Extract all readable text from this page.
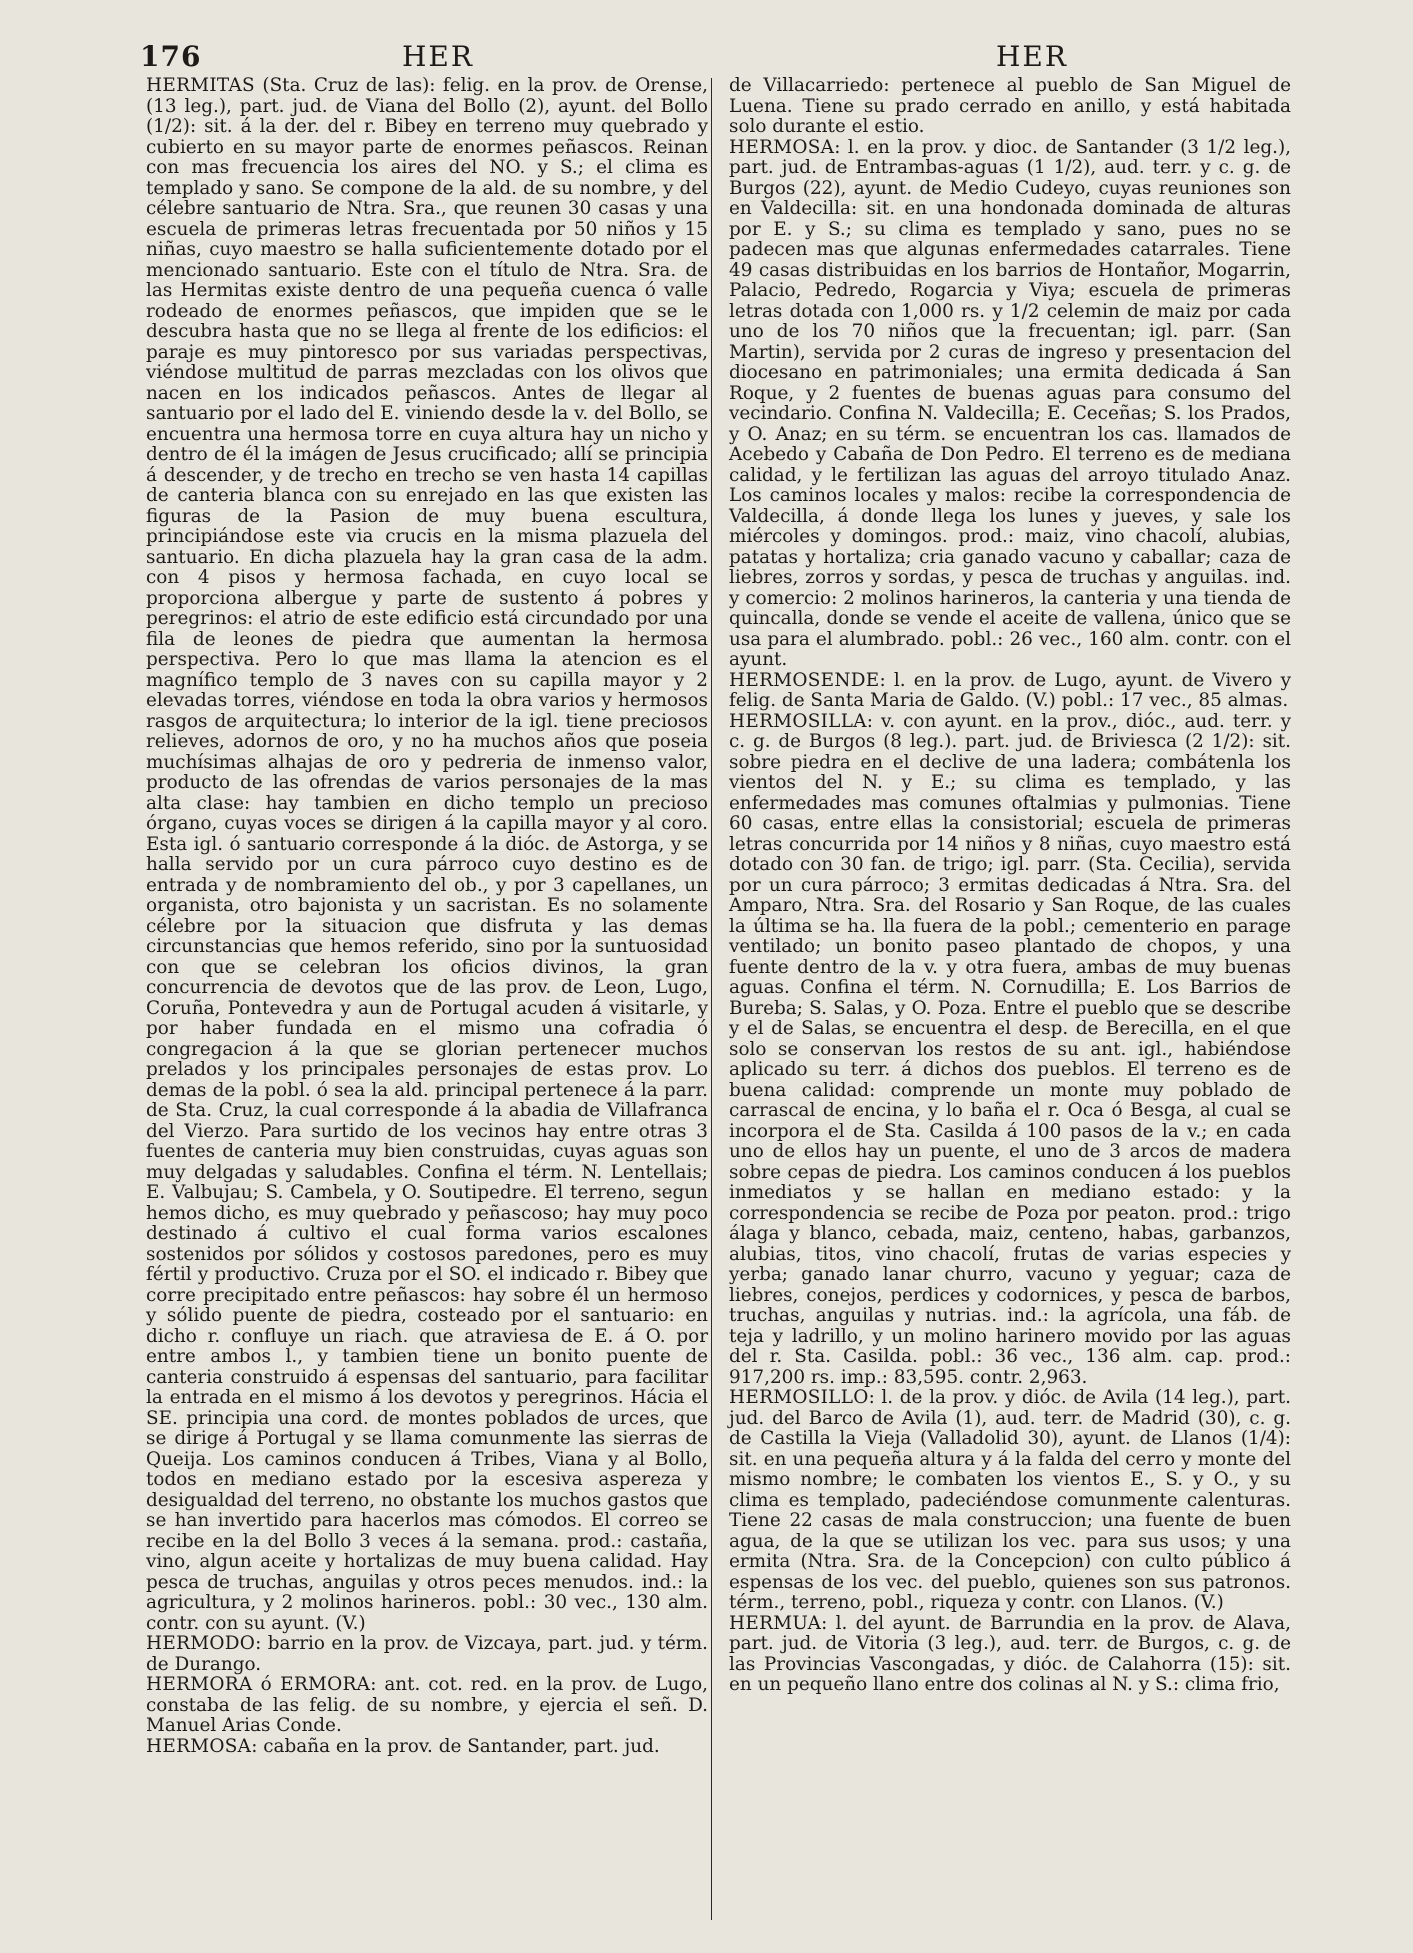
176	HER	HER

HERMITAS (Sta. Cruz de las): felig. en la prov. de Orense, (13 leg.), part. jud. de Viana del Bollo (2), ayunt. del Bollo (1/2): sit. á la der. del r. Bibey en terreno muy quebrado y cubierto en su mayor parte de enormes peñascos. Reinan con mas frecuencia los aires del NO. y S.; el clima es templado y sano. Se compone de la ald. de su nombre, y del célebre santuario de Ntra. Sra., que reunen 30 casas y una escuela de primeras letras frecuentada por 50 niños y 15 niñas, cuyo maestro se halla suficientemente dotado por el mencionado santuario. Este con el título de Ntra. Sra. de las Hermitas existe dentro de una pequeña cuenca ó valle rodeado de enormes peñascos, que impiden que se le descubra hasta que no se llega al frente de los edificios: el paraje es muy pintoresco por sus variadas perspectivas, viéndose multitud de parras mezcladas con los olivos que nacen en los indicados peñascos. Antes de llegar al santuario por el lado del E. viniendo desde la v. del Bollo, se encuentra una hermosa torre en cuya altura hay un nicho y dentro de él la imágen de Jesus crucificado; allí se principia á descender, y de trecho en trecho se ven hasta 14 capillas de canteria blanca con su enrejado en las que existen las figuras de la Pasion de muy buena escultura, principiándose este via crucis en la misma plazuela del santuario. En dicha plazuela hay la gran casa de la adm. con 4 pisos y hermosa fachada, en cuyo local se proporciona albergue y parte de sustento á pobres y peregrinos: el atrio de este edificio está circundado por una fila de leones de piedra que aumentan la hermosa perspectiva. Pero lo que mas llama la atencion es el magnífico templo de 3 naves con su capilla mayor y 2 elevadas torres, viéndose en toda la obra varios y hermosos rasgos de arquitectura; lo interior de la igl. tiene preciosos relieves, adornos de oro, y no ha muchos años que poseia muchísimas alhajas de oro y pedreria de inmenso valor, producto de las ofrendas de varios personajes de la mas alta clase: hay tambien en dicho templo un precioso órgano, cuyas voces se dirigen á la capilla mayor y al coro. Esta igl. ó santuario corresponde á la dióc. de Astorga, y se halla servido por un cura párroco cuyo destino es de entrada y de nombramiento del ob., y por 3 capellanes, un organista, otro bajonista y un sacristan. Es no solamente célebre por la situacion que disfruta y las demas circunstancias que hemos referido, sino por la suntuosidad con que se celebran los oficios divinos, la gran concurrencia de devotos que de las prov. de Leon, Lugo, Coruña, Pontevedra y aun de Portugal acuden á visitarle, y por haber fundada en el mismo una cofradia ó congregacion á la que se glorian pertenecer muchos prelados y los principales personajes de estas prov. Lo demas de la pobl. ó sea la ald. principal pertenece á la parr. de Sta. Cruz, la cual corresponde á la abadia de Villafranca del Vierzo. Para surtido de los vecinos hay entre otras 3 fuentes de canteria muy bien construidas, cuyas aguas son muy delgadas y saludables. Confina el térm. N. Lentellais; E. Valbujau; S. Cambela, y O. Soutipedre. El terreno, segun hemos dicho, es muy quebrado y peñascoso; hay muy poco destinado á cultivo el cual forma varios escalones sostenidos por sólidos y costosos paredones, pero es muy fértil y productivo. Cruza por el SO. el indicado r. Bibey que corre precipitado entre peñascos: hay sobre él un hermoso y sólido puente de piedra, costeado por el santuario: en dicho r. confluye un riach. que atraviesa de E. á O. por entre ambos l., y tambien tiene un bonito puente de canteria construido á espensas del santuario, para facilitar la entrada en el mismo á los devotos y peregrinos. Hácia el SE. principia una cord. de montes poblados de urces, que se dirige á Portugal y se llama comunmente las sierras de Queija. Los caminos conducen á Tribes, Viana y al Bollo, todos en mediano estado por la escesiva aspereza y desigualdad del terreno, no obstante los muchos gastos que se han invertido para hacerlos mas cómodos. El correo se recibe en la del Bollo 3 veces á la semana. prod.: castaña, vino, algun aceite y hortalizas de muy buena calidad. Hay pesca de truchas, anguilas y otros peces menudos. ind.: la agricultura, y 2 molinos harineros. pobl.: 30 vec., 130 alm. contr. con su ayunt. (V.)

HERMODO: barrio en la prov. de Vizcaya, part. jud. y térm. de Durango.

HERMORA ó ERMORA: ant. cot. red. en la prov. de Lugo, constaba de las felig. de su nombre, y ejercia el señ. D. Manuel Arias Conde.

HERMOSA: cabaña en la prov. de Santander, part. jud.

de Villacarriedo: pertenece al pueblo de San Miguel de Luena. Tiene su prado cerrado en anillo, y está habitada solo durante el estio.

HERMOSA: l. en la prov. y dioc. de Santander (3 1/2 leg.), part. jud. de Entrambas-aguas (1 1/2), aud. terr. y c. g. de Burgos (22), ayunt. de Medio Cudeyo, cuyas reuniones son en Valdecilla: sit. en una hondonada dominada de alturas por E. y S.; su clima es templado y sano, pues no se padecen mas que algunas enfermedades catarrales. Tiene 49 casas distribuidas en los barrios de Hontañor, Mogarrin, Palacio, Pedredo, Rogarcia y Viya; escuela de primeras letras dotada con 1,000 rs. y 1/2 celemin de maiz por cada uno de los 70 niños que la frecuentan; igl. parr. (San Martin), servida por 2 curas de ingreso y presentacion del diocesano en patrimoniales; una ermita dedicada á San Roque, y 2 fuentes de buenas aguas para consumo del vecindario. Confina N. Valdecilla; E. Ceceñas; S. los Prados, y O. Anaz; en su térm. se encuentran los cas. llamados de Acebedo y Cabaña de Don Pedro. El terreno es de mediana calidad, y le fertilizan las aguas del arroyo titulado Anaz. Los caminos locales y malos: recibe la correspondencia de Valdecilla, á donde llega los lunes y jueves, y sale los miércoles y domingos. prod.: maiz, vino chacolí, alubias, patatas y hortaliza; cria ganado vacuno y caballar; caza de liebres, zorros y sordas, y pesca de truchas y anguilas. ind. y comercio: 2 molinos harineros, la canteria y una tienda de quincalla, donde se vende el aceite de vallena, único que se usa para el alumbrado. pobl.: 26 vec., 160 alm. contr. con el ayunt.

HERMOSENDE: l. en la prov. de Lugo, ayunt. de Vivero y felig. de Santa Maria de Galdo. (V.) pobl.: 17 vec., 85 almas.

HERMOSILLA: v. con ayunt. en la prov., dióc., aud. terr. y c. g. de Burgos (8 leg.). part. jud. de Briviesca (2 1/2): sit. sobre piedra en el declive de una ladera; combátenla los vientos del N. y E.; su clima es templado, y las enfermedades mas comunes oftalmias y pulmonias. Tiene 60 casas, entre ellas la consistorial; escuela de primeras letras concurrida por 14 niños y 8 niñas, cuyo maestro está dotado con 30 fan. de trigo; igl. parr. (Sta. Cecilia), servida por un cura párroco; 3 ermitas dedicadas á Ntra. Sra. del Amparo, Ntra. Sra. del Rosario y San Roque, de las cuales la última se ha. lla fuera de la pobl.; cementerio en parage ventilado; un bonito paseo plantado de chopos, y una fuente dentro de la v. y otra fuera, ambas de muy buenas aguas. Confina el térm. N. Cornudilla; E. Los Barrios de Bureba; S. Salas, y O. Poza. Entre el pueblo que se describe y el de Salas, se encuentra el desp. de Berecilla, en el que solo se conservan los restos de su ant. igl., habiéndose aplicado su terr. á dichos dos pueblos. El terreno es de buena calidad: comprende un monte muy poblado de carrascal de encina, y lo baña el r. Oca ó Besga, al cual se incorpora el de Sta. Casilda á 100 pasos de la v.; en cada uno de ellos hay un puente, el uno de 3 arcos de madera sobre cepas de piedra. Los caminos conducen á los pueblos inmediatos y se hallan en mediano estado: y la correspondencia se recibe de Poza por peaton. prod.: trigo álaga y blanco, cebada, maiz, centeno, habas, garbanzos, alubias, titos, vino chacolí, frutas de varias especies y yerba; ganado lanar churro, vacuno y yeguar; caza de liebres, conejos, perdices y codornices, y pesca de barbos, truchas, anguilas y nutrias. ind.: la agrícola, una fáb. de teja y ladrillo, y un molino harinero movido por las aguas del r. Sta. Casilda. pobl.: 36 vec., 136 alm. cap. prod.: 917,200 rs. imp.: 83,595. contr. 2,963.

HERMOSILLO: l. de la prov. y dióc. de Avila (14 leg.), part. jud. del Barco de Avila (1), aud. terr. de Madrid (30), c. g. de Castilla la Vieja (Valladolid 30), ayunt. de Llanos (1/4): sit. en una pequeña altura y á la falda del cerro y monte del mismo nombre; le combaten los vientos E., S. y O., y su clima es templado, padeciéndose comunmente calenturas. Tiene 22 casas de mala construccion; una fuente de buen agua, de la que se utilizan los vec. para sus usos; y una ermita (Ntra. Sra. de la Concepcion) con culto público á espensas de los vec. del pueblo, quienes son sus patronos. térm., terreno, pobl., riqueza y contr. con Llanos. (V.)

HERMUA: l. del ayunt. de Barrundia en la prov. de Alava, part. jud. de Vitoria (3 leg.), aud. terr. de Burgos, c. g. de las Provincias Vascongadas, y dióc. de Calahorra (15): sit. en un pequeño llano entre dos colinas al N. y S.: clima frio,
